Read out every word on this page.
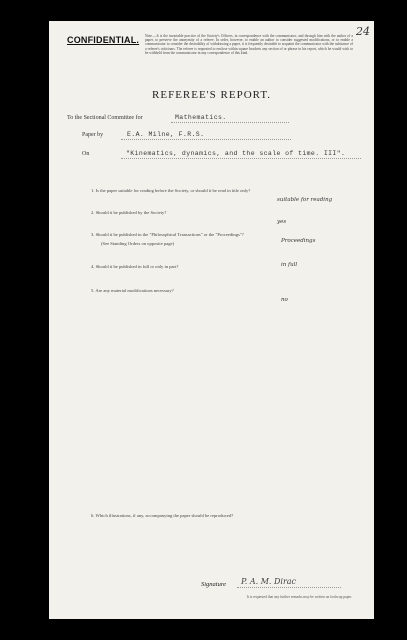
24
CONFIDENTIAL. Note.—It is the invariable practice of the Society's Officers, in correspondence with the communicator, and through him with the author of a paper, to preserve the anonymity of a referee. In order, however, to enable an author to consider suggested modifications, or to enable a communicator to consider the desirability of withdrawing a paper, it is frequently desirable to acquaint the communicator with the substance of a referee's criticisms. The referee is requested to enclose within square brackets any section of or phrase in his report, which he would wish to be withheld from the communicator in any correspondence of this kind.
REFEREE'S REPORT.
To the Sectional Committee for	Mathematics.
Paper by	E.A. Milne, F.R.S.
On	"Kinematics, dynamics, and the scale of time. III".
1. Is the paper suitable for reading before the Society, or should it be read in title only?
suitable for reading
2. Should it be published by the Society?
yes
3. Should it be published in the "Philosophical Transactions" or the "Proceedings"?
(See Standing Orders on opposite page)	Proceedings
4. Should it be published in full or only in part?	in full
5. Are any material modifications necessary?
no
6. Which illustrations, if any, accompanying the paper should be reproduced?
Signature P. A. M. Dirac
It is requested that any further remarks may be written on foolscap paper.
